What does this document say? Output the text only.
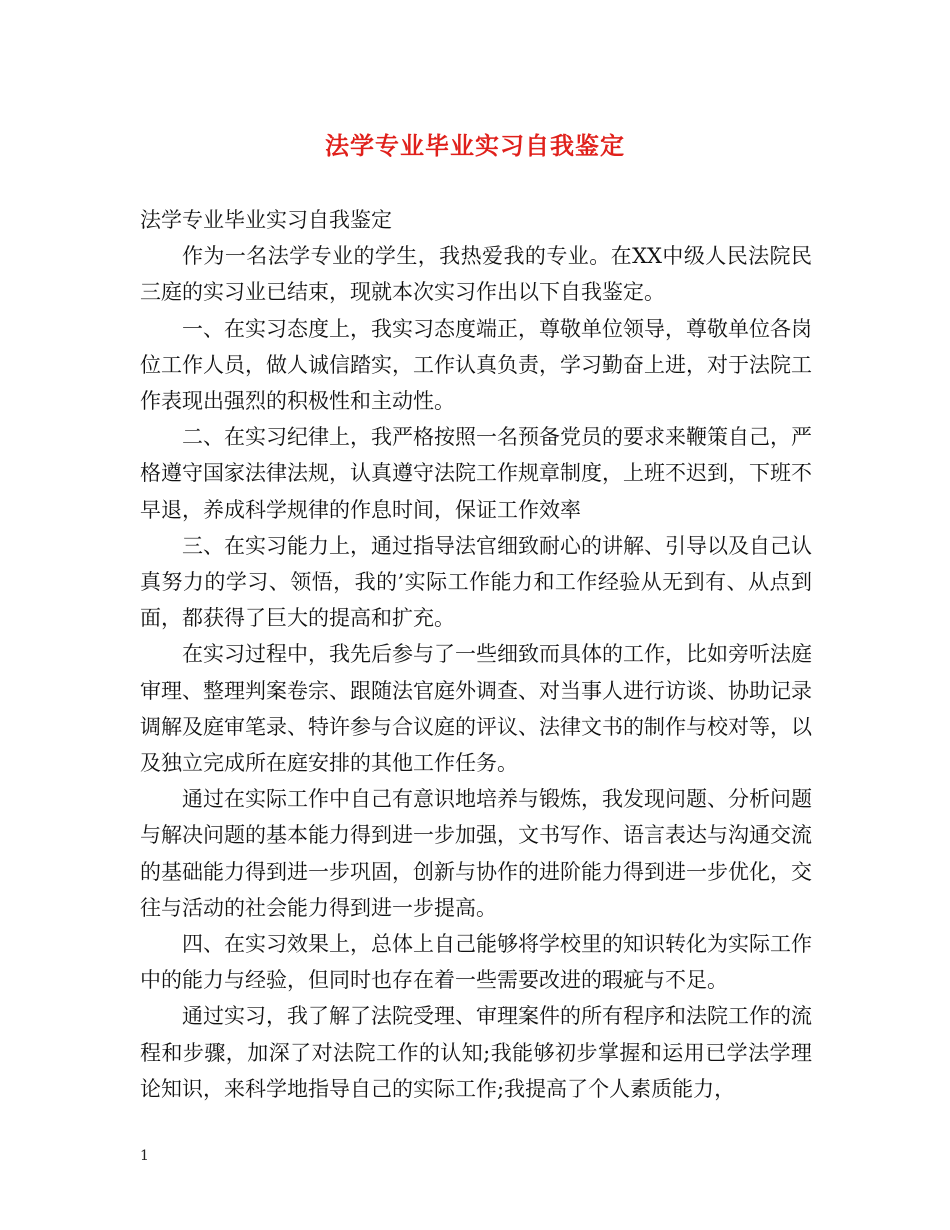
法学专业毕业实习自我鉴定

法学专业毕业实习自我鉴定

作为一名法学专业的学生，我热爱我的专业。在XX中级人民法院民三庭的实习业已结束，现就本次实习作出以下自我鉴定。

一、在实习态度上，我实习态度端正，尊敬单位领导，尊敬单位各岗位工作人员，做人诚信踏实，工作认真负责，学习勤奋上进，对于法院工作表现出强烈的积极性和主动性。

二、在实习纪律上，我严格按照一名预备党员的要求来鞭策自己，严格遵守国家法律法规，认真遵守法院工作规章制度，上班不迟到，下班不早退，养成科学规律的作息时间，保证工作效率

三、在实习能力上，通过指导法官细致耐心的讲解、引导以及自己认真努力的学习、领悟，我的’实际工作能力和工作经验从无到有、从点到面，都获得了巨大的提高和扩充。

在实习过程中，我先后参与了一些细致而具体的工作，比如旁听法庭审理、整理判案卷宗、跟随法官庭外调查、对当事人进行访谈、协助记录调解及庭审笔录、特许参与合议庭的评议、法律文书的制作与校对等，以及独立完成所在庭安排的其他工作任务。

通过在实际工作中自己有意识地培养与锻炼，我发现问题、分析问题与解决问题的基本能力得到进一步加强，文书写作、语言表达与沟通交流的基础能力得到进一步巩固，创新与协作的进阶能力得到进一步优化，交往与活动的社会能力得到进一步提高。

四、在实习效果上，总体上自己能够将学校里的知识转化为实际工作中的能力与经验，但同时也存在着一些需要改进的瑕疵与不足。

通过实习，我了解了法院受理、审理案件的所有程序和法院工作的流程和步骤，加深了对法院工作的认知;我能够初步掌握和运用已学法学理论知识，来科学地指导自己的实际工作;我提高了个人素质能力，

1
